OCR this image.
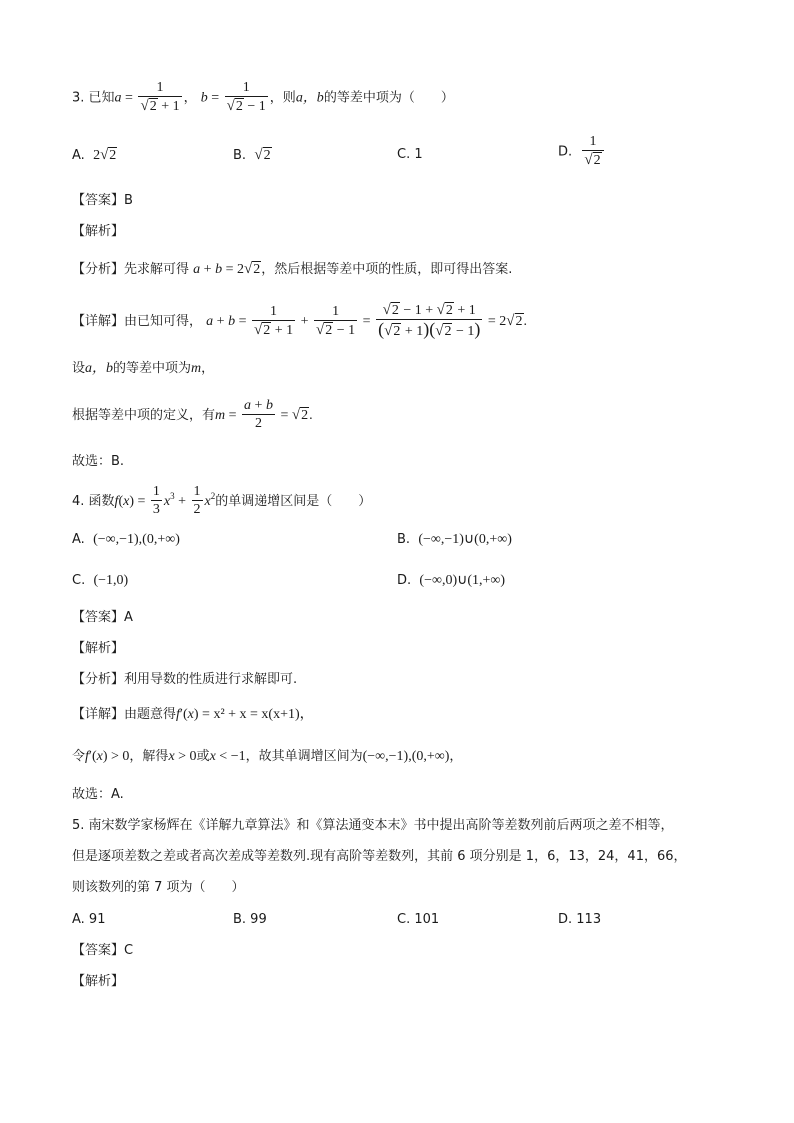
3. 已知$a = \frac{1}{√2 + 1}$ ， $b = \frac{1}{√2 - 1}$ ，则a，b的等差中项为（　　）
A. 2√2	B. √2	C. 1	D. $\frac{1}{√2}$
【答案】B
【解析】
【分析】先求解可得 a + b = 2√2，然后根据等差中项的性质，即可得出答案.
【详解】由已知可得， $a + b = \frac{1}{√2 + 1} + \frac{1}{√2 - 1} = \frac{√2 - 1 + √2 + 1}{(√2 + 1)(√2 - 1)} = 2√2$.
设a，b的等差中项为m，
根据等差中项的定义，有$m = \frac{a + b}{2} = √2$.
故选：B.
4. 函数$f(x) = \frac{1}{3} x^3 + \frac{1}{2} x^2$的单调递增区间是（　　）
A. (−∞,−1),(0,+∞)	B. (−∞,−1)∪(0,+∞)
C. (−1,0)	D. (−∞,0)∪(1,+∞)
【答案】A
【解析】
【分析】利用导数的性质进行求解即可.
【详解】由题意得f′(x) = x² + x = x(x+1)，
令f′(x) > 0，解得x > 0或x < −1，故其单调增区间为(−∞,−1),(0,+∞)，
故选：A.
5. 南宋数学家杨辉在《详解九章算法》和《算法通变本末》书中提出高阶等差数列前后两项之差不相等，
但是逐项差数之差或者高次差成等差数列.现有高阶等差数列，其前 6 项分别是 1，6，13，24，41，66，
则该数列的第 7 项为（　　）
A. 91	B. 99	C. 101	D. 113
【答案】C
【解析】
